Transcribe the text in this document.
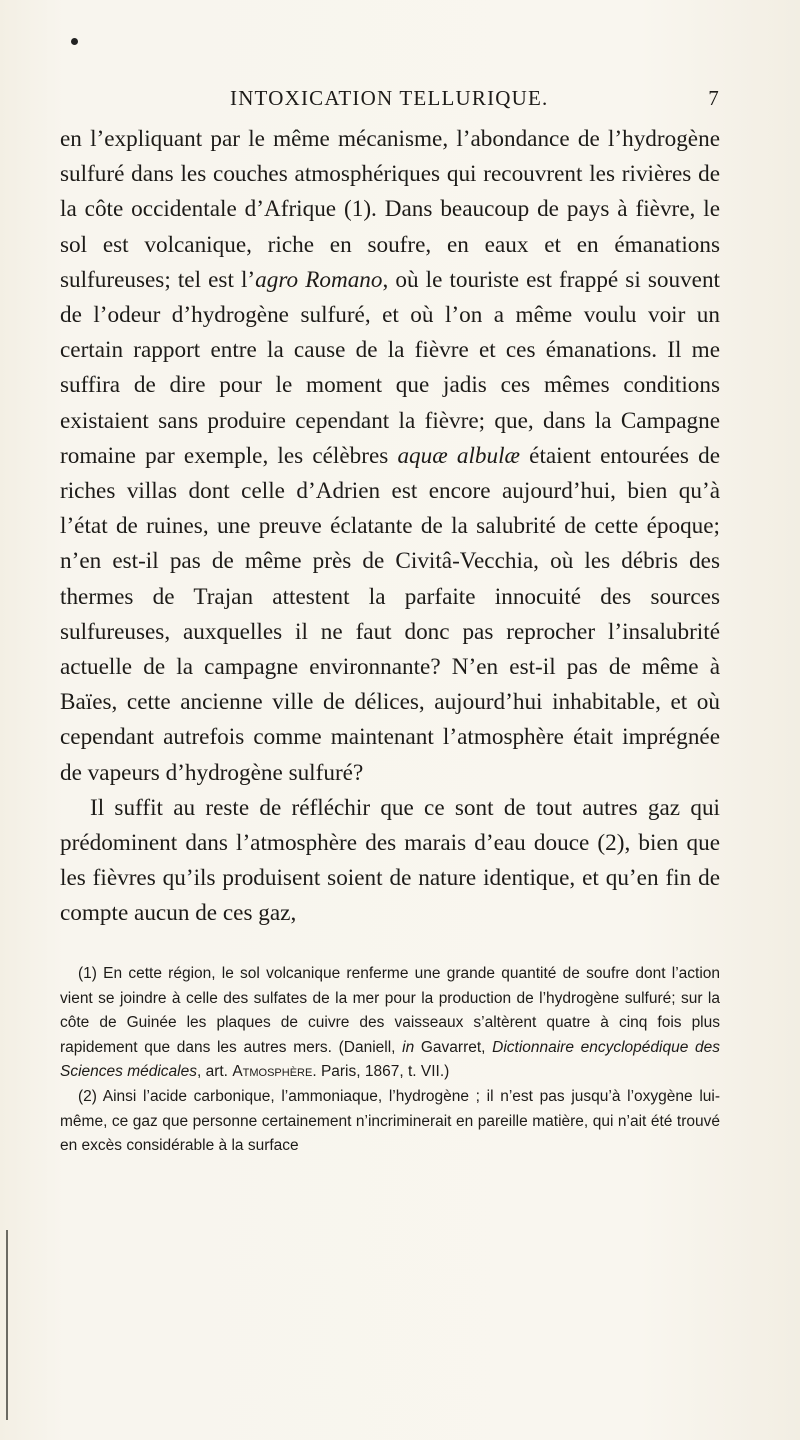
INTOXICATION TELLURIQUE.	7

en l’expliquant par le même mécanisme, l’abondance de l’hydrogène sulfuré dans les couches atmosphériques qui recouvrent les rivières de la côte occidentale d’Afrique (1). Dans beaucoup de pays à fièvre, le sol est volcanique, riche en soufre, en eaux et en émanations sulfureuses; tel est l’agro Romano, où le touriste est frappé si souvent de l’odeur d’hydrogène sulfuré, et où l’on a même voulu voir un certain rapport entre la cause de la fièvre et ces émanations. Il me suffira de dire pour le moment que jadis ces mêmes conditions existaient sans produire cependant la fièvre; que, dans la Campagne romaine par exemple, les célèbres aquæ albulæ étaient entourées de riches villas dont celle d’Adrien est encore aujourd’hui, bien qu’à l’état de ruines, une preuve éclatante de la salubrité de cette époque; n’en est-il pas de même près de Civitâ-Vecchia, où les débris des thermes de Trajan attestent la parfaite innocuité des sources sulfureuses, auxquelles il ne faut donc pas reprocher l’insalubrité actuelle de la campagne environnante? N’en est-il pas de même à Baïes, cette ancienne ville de délices, aujourd’hui inhabitable, et où cependant autrefois comme maintenant l’atmosphère était imprégnée de vapeurs d’hydrogène sulfuré?

Il suffit au reste de réfléchir que ce sont de tout autres gaz qui prédominent dans l’atmosphère des marais d’eau douce (2), bien que les fièvres qu’ils produisent soient de nature identique, et qu’en fin de compte aucun de ces gaz,

(1) En cette région, le sol volcanique renferme une grande quantité de soufre dont l’action vient se joindre à celle des sulfates de la mer pour la production de l’hydrogène sulfuré; sur la côte de Guinée les plaques de cuivre des vaisseaux s’altèrent quatre à cinq fois plus rapidement que dans les autres mers. (Daniell, in Gavarret, Dictionnaire encyclopédique des Sciences médicales, art. Atmosphère. Paris, 1867, t. VII.)

(2) Ainsi l’acide carbonique, l’ammoniaque, l’hydrogène ; il n’est pas jusqu’à l’oxygène lui-même, ce gaz que personne certainement n’incriminerait en pareille matière, qui n’ait été trouvé en excès considérable à la surface
